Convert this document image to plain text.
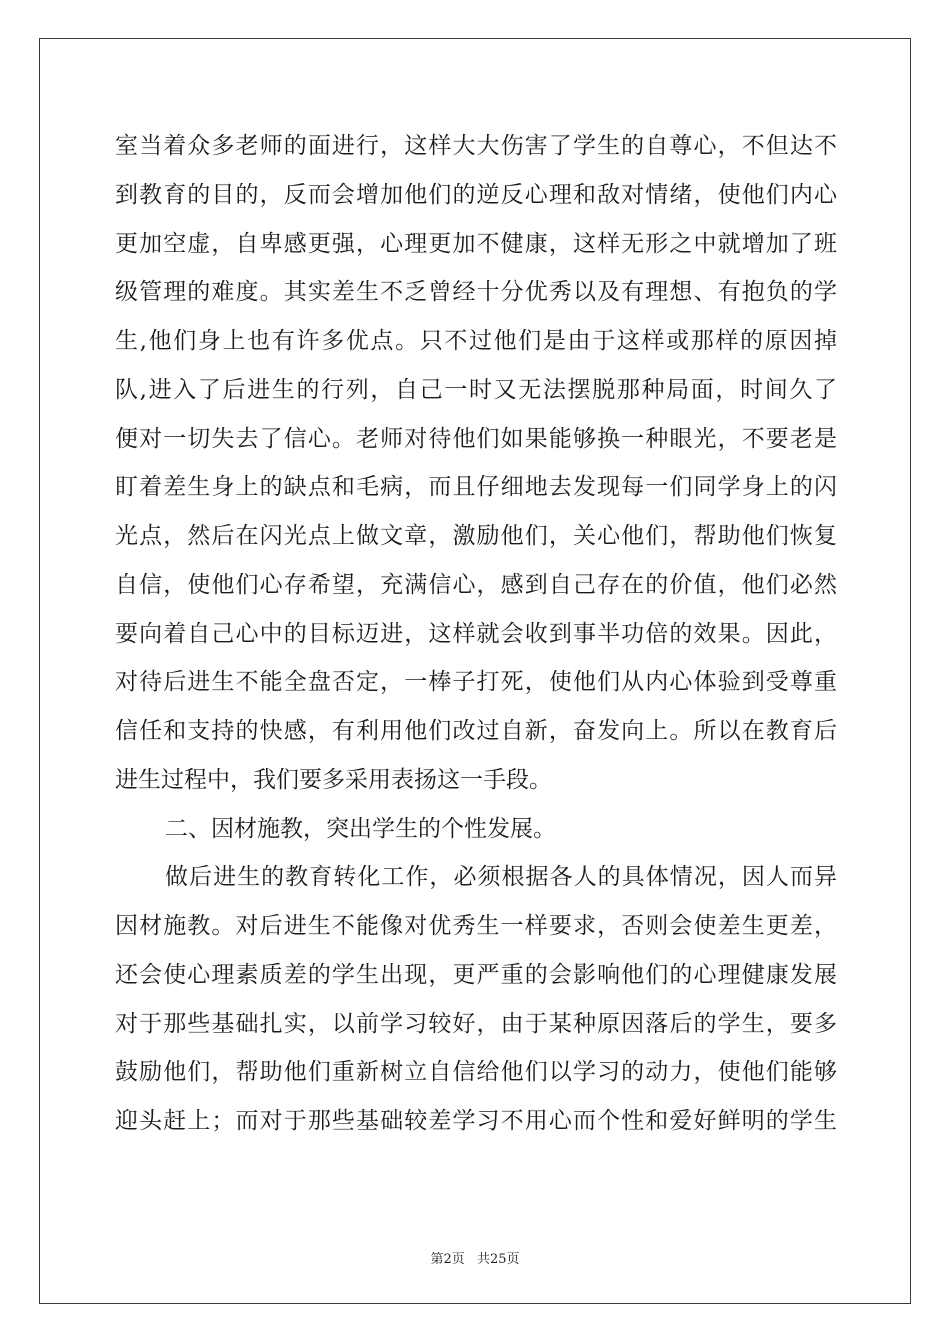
室当着众多老师的面进行，这样大大伤害了学生的自尊心，不但达不
到教育的目的，反而会增加他们的逆反心理和敌对情绪，使他们内心
更加空虚，自卑感更强，心理更加不健康，这样无形之中就增加了班
级管理的难度。其实差生不乏曾经十分优秀以及有理想、有抱负的学
生,他们身上也有许多优点。只不过他们是由于这样或那样的原因掉
队,进入了后进生的行列，自己一时又无法摆脱那种局面，时间久了
便对一切失去了信心。老师对待他们如果能够换一种眼光，不要老是
盯着差生身上的缺点和毛病，而且仔细地去发现每一们同学身上的闪
光点，然后在闪光点上做文章，激励他们，关心他们，帮助他们恢复
自信，使他们心存希望，充满信心，感到自己存在的价值，他们必然
要向着自己心中的目标迈进，这样就会收到事半功倍的效果。因此，
对待后进生不能全盘否定，一棒子打死，使他们从内心体验到受尊重
信任和支持的快感，有利用他们改过自新，奋发向上。所以在教育后
进生过程中，我们要多采用表扬这一手段。
二、因材施教，突出学生的个性发展。
做后进生的教育转化工作，必须根据各人的具体情况，因人而异
因材施教。对后进生不能像对优秀生一样要求，否则会使差生更差，
还会使心理素质差的学生出现，更严重的会影响他们的心理健康发展
对于那些基础扎实，以前学习较好，由于某种原因落后的学生，要多
鼓励他们，帮助他们重新树立自信给他们以学习的动力，使他们能够
迎头赶上；而对于那些基础较差学习不用心而个性和爱好鲜明的学生
第2页 共25页
